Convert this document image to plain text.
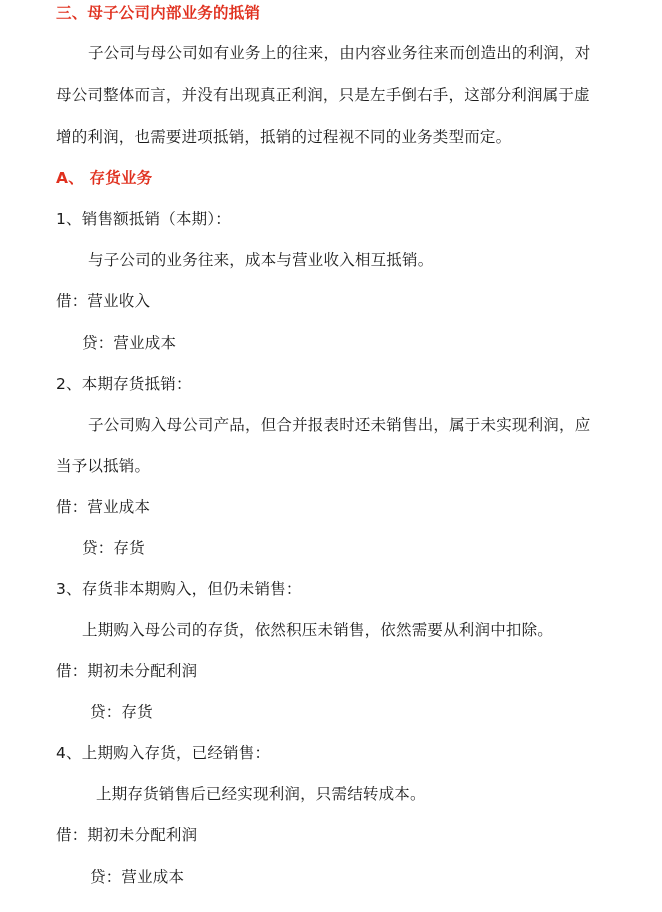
三、母子公司内部业务的抵销
子公司与母公司如有业务上的往来，由内容业务往来而创造出的利润，对
母公司整体而言，并没有出现真正利润，只是左手倒右手，这部分利润属于虚
增的利润，也需要进项抵销，抵销的过程视不同的业务类型而定。
A、 存货业务
1、销售额抵销（本期）：
与子公司的业务往来，成本与营业收入相互抵销。
借：营业收入
贷：营业成本
2、本期存货抵销：
子公司购入母公司产品，但合并报表时还未销售出，属于未实现利润，应
当予以抵销。
借：营业成本
贷：存货
3、存货非本期购入，但仍未销售：
上期购入母公司的存货，依然积压未销售，依然需要从利润中扣除。
借：期初未分配利润
贷：存货
4、上期购入存货，已经销售：
上期存货销售后已经实现利润，只需结转成本。
借：期初未分配利润
贷：营业成本
